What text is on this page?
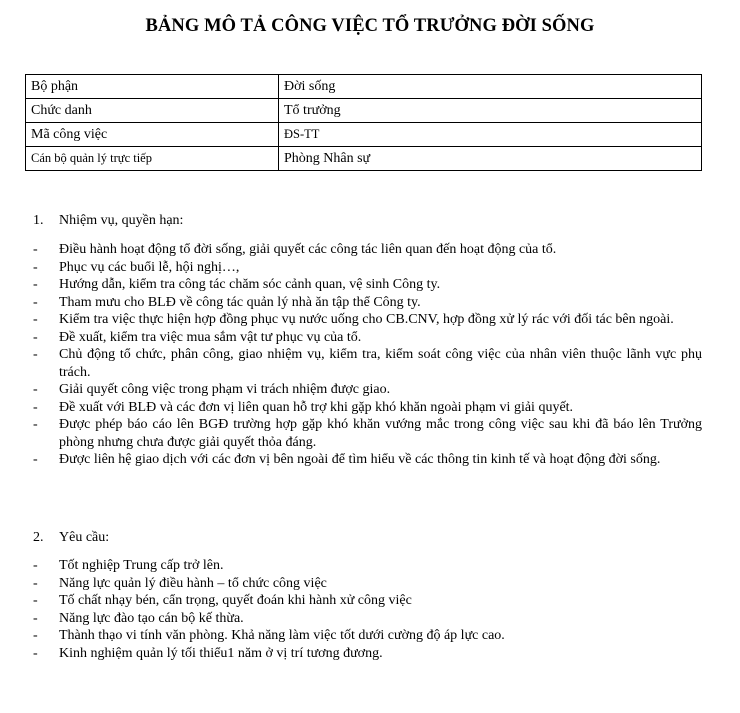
BẢNG MÔ TẢ CÔNG VIỆC TỔ TRƯỞNG ĐỜI SỐNG
Bộ phận	Đời sống
Chức danh	Tổ trưởng
Mã công việc	ĐS-TT
Cán bộ quản lý trực tiếp	Phòng Nhân sự
1. Nhiệm vụ, quyền hạn:
- Điều hành hoạt động tổ đời sống, giải quyết các công tác liên quan đến hoạt động của tổ.
- Phục vụ các buổi lễ, hội nghị…,
- Hướng dẫn, kiểm tra công tác chăm sóc cảnh quan, vệ sinh Công ty.
- Tham mưu cho BLĐ về công tác quản lý nhà ăn tập thể Công ty.
- Kiểm tra việc thực hiện hợp đồng phục vụ nước uống cho CB.CNV, hợp đồng xử lý rác với đối tác bên ngoài.
- Đề xuất, kiểm tra việc mua sắm vật tư phục vụ của tổ.
- Chủ động tổ chức, phân công, giao nhiệm vụ, kiểm tra, kiểm soát công việc của nhân viên thuộc lãnh vực phụ trách.
- Giải quyết công việc trong phạm vi trách nhiệm được giao.
- Đề xuất với BLĐ và các đơn vị liên quan hỗ trợ khi gặp khó khăn ngoài phạm vi giải quyết.
- Được phép báo cáo lên BGĐ trường hợp gặp khó khăn vướng mắc trong công việc sau khi đã báo lên Trưởng phòng nhưng chưa được giải quyết thỏa đáng.
- Được liên hệ giao dịch với các đơn vị bên ngoài để tìm hiểu về các thông tin kinh tế và hoạt động đời sống.
2. Yêu cầu:
- Tốt nghiệp Trung cấp trở lên.
- Năng lực quản lý điều hành – tổ chức công việc
- Tố chất nhạy bén, cẩn trọng, quyết đoán khi hành xử công việc
- Năng lực đào tạo cán bộ kế thừa.
- Thành thạo vi tính văn phòng. Khả năng làm việc tốt dưới cường độ áp lực cao.
- Kinh nghiệm quản lý tối thiểu1 năm ở vị trí tương đương.
